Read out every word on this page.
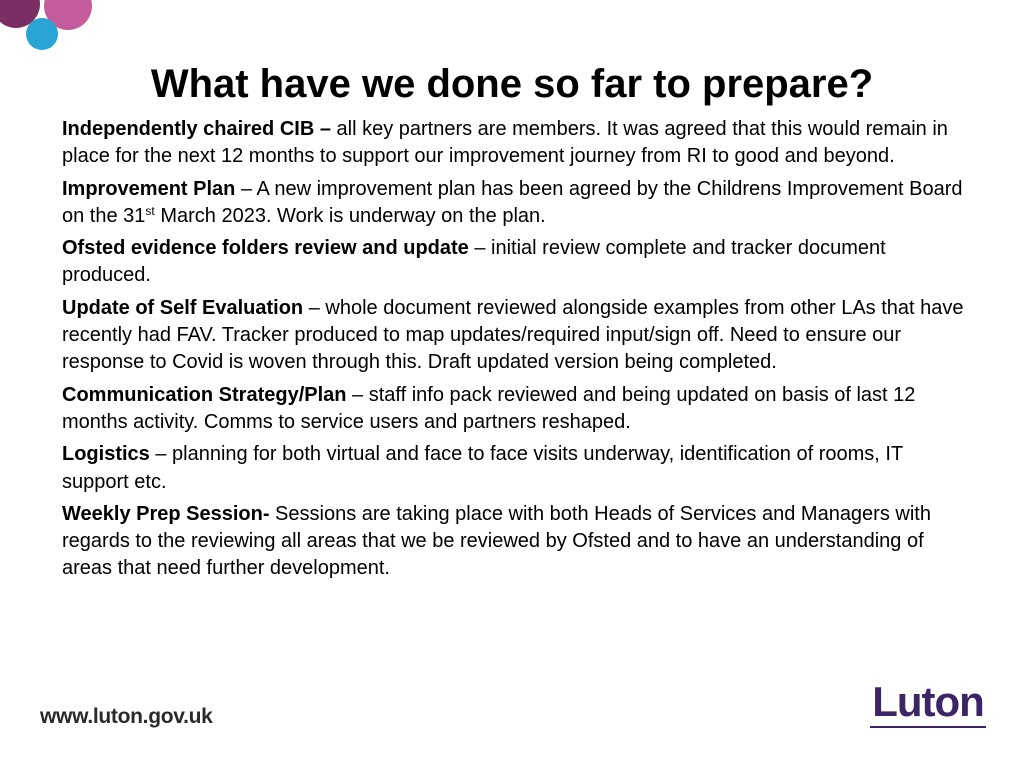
What have we done so far to prepare?

Independently chaired CIB – all key partners are members. It was agreed that this would remain in place for the next 12 months to support our improvement journey from RI to good and beyond.

Improvement Plan – A new improvement plan has been agreed by the Childrens Improvement Board on the 31st March 2023. Work is underway on the plan.

Ofsted evidence folders review and update – initial review complete and tracker document produced.

Update of Self Evaluation – whole document reviewed alongside examples from other LAs that have recently had FAV. Tracker produced to map updates/required input/sign off. Need to ensure our response to Covid is woven through this. Draft updated version being completed.

Communication Strategy/Plan – staff info pack reviewed and being updated on basis of last 12 months activity. Comms to service users and partners reshaped.

Logistics – planning for both virtual and face to face visits underway, identification of rooms, IT support etc.

Weekly Prep Session- Sessions are taking place with both Heads of Services and Managers with regards to the reviewing all areas that we be reviewed by Ofsted and to have an understanding of areas that need further development.

www.luton.gov.uk	Luton
